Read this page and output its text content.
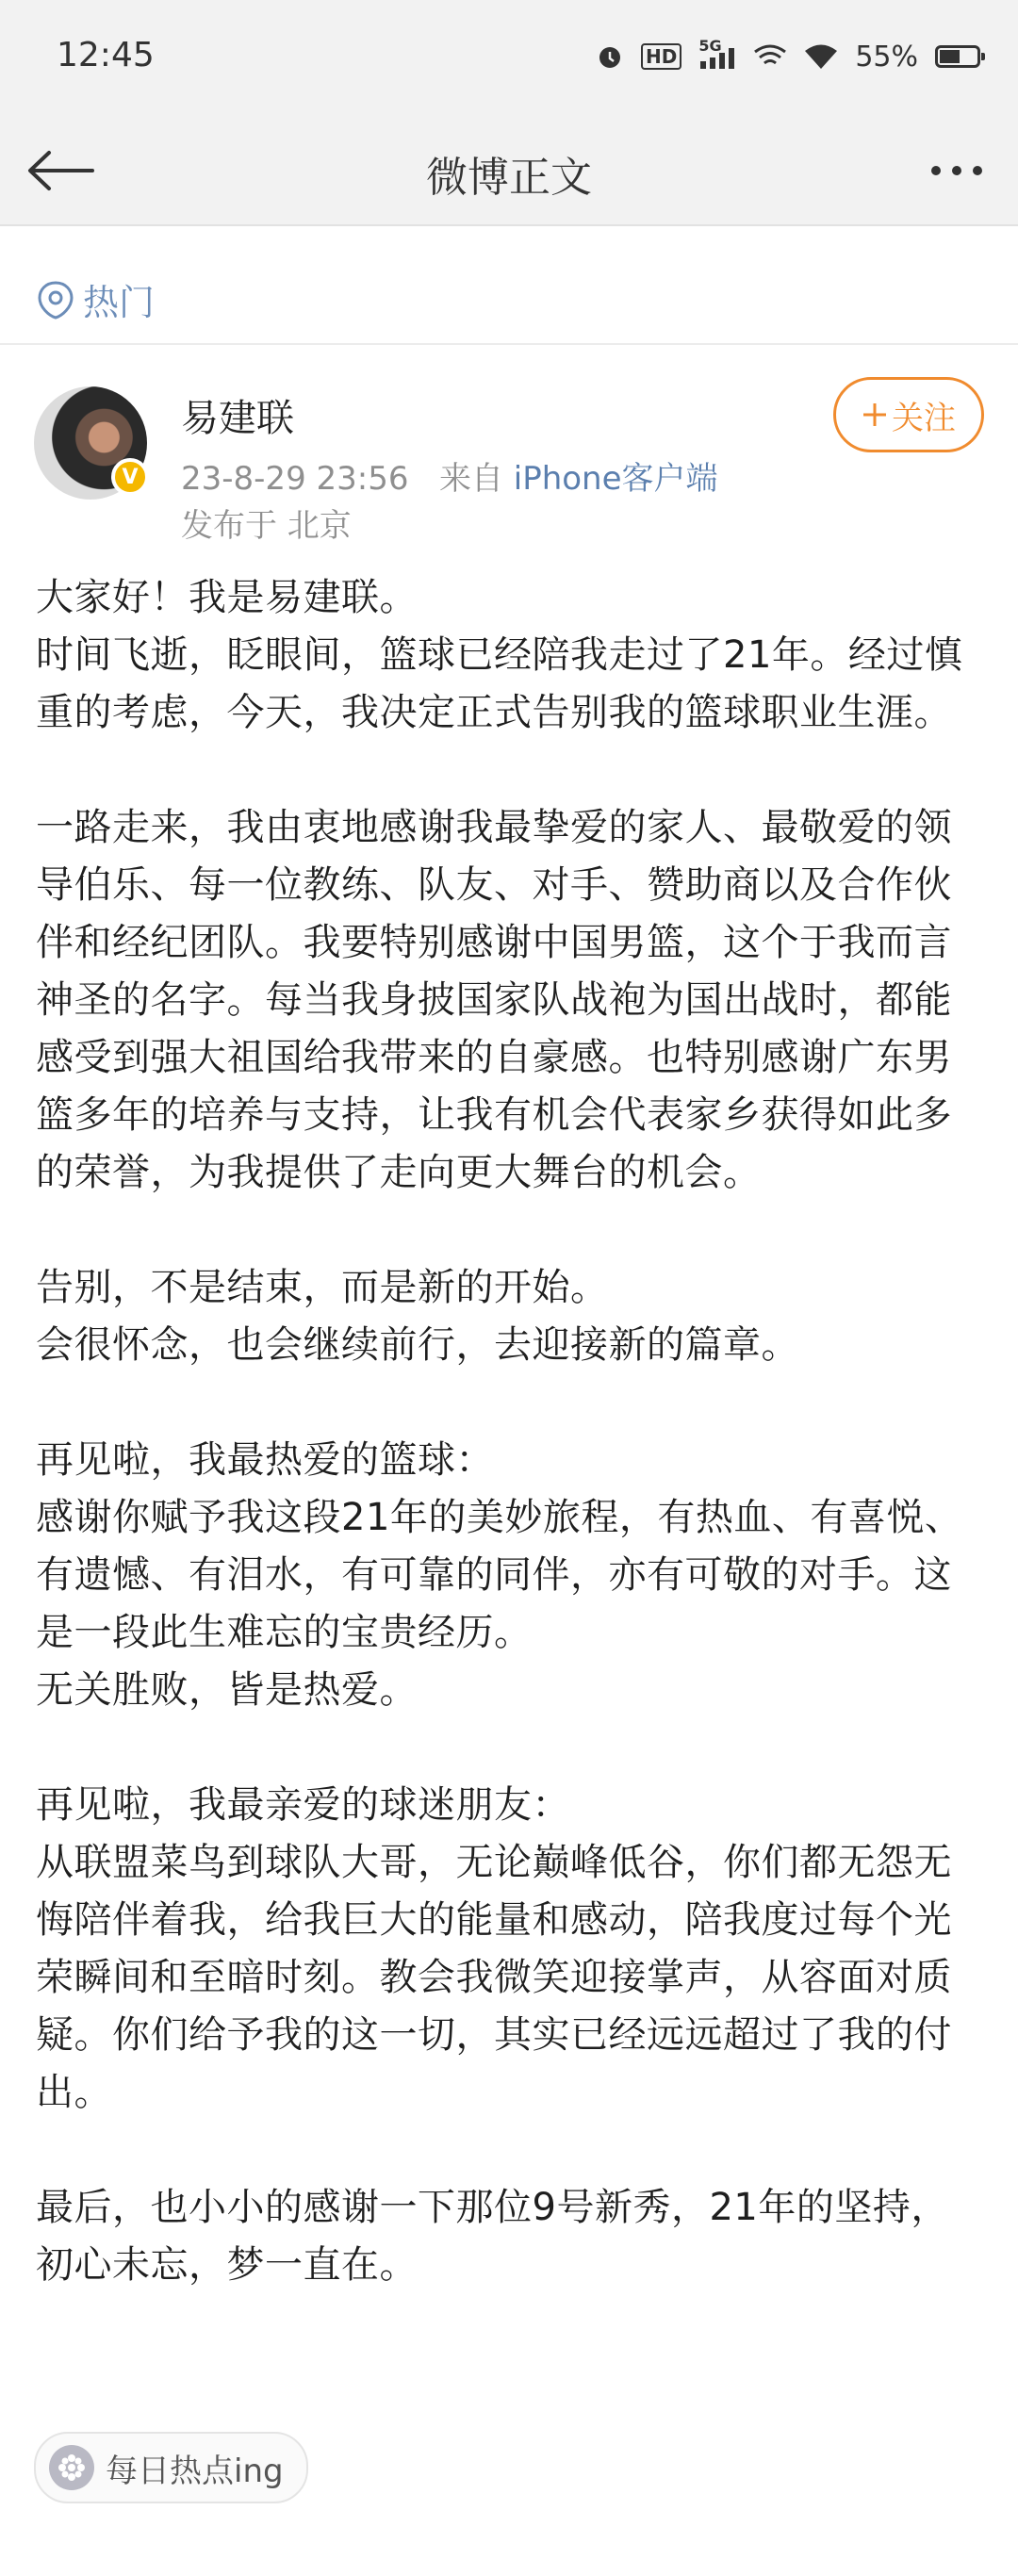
12:45	HD	5G	55%
微博正文
热门
V
易建联
23-8-29 23:56 来自 iPhone客户端
发布于 北京
关注

大家好！我是易建联。

时间飞逝，眨眼间，篮球已经陪我走过了21年。经过慎重的考虑，今天，我决定正式告别我的篮球职业生涯。

一路走来，我由衷地感谢我最挚爱的家人、最敬爱的领导伯乐、每一位教练、队友、对手、赞助商以及合作伙伴和经纪团队。我要特别感谢中国男篮，这个于我而言神圣的名字。每当我身披国家队战袍为国出战时，都能感受到强大祖国给我带来的自豪感。也特别感谢广东男篮多年的培养与支持，让我有机会代表家乡获得如此多的荣誉，为我提供了走向更大舞台的机会。

告别，不是结束，而是新的开始。

会很怀念，也会继续前行，去迎接新的篇章。

再见啦，我最热爱的篮球：

感谢你赋予我这段21年的美妙旅程，有热血、有喜悦、有遗憾、有泪水，有可靠的同伴，亦有可敬的对手。这是一段此生难忘的宝贵经历。

无关胜败，皆是热爱。

再见啦，我最亲爱的球迷朋友：

从联盟菜鸟到球队大哥，无论巅峰低谷，你们都无怨无悔陪伴着我，给我巨大的能量和感动，陪我度过每个光荣瞬间和至暗时刻。教会我微笑迎接掌声，从容面对质疑。你们给予我的这一切，其实已经远远超过了我的付出。

最后，也小小的感谢一下那位9号新秀，21年的坚持，初心未忘，梦一直在。

每日热点ing
